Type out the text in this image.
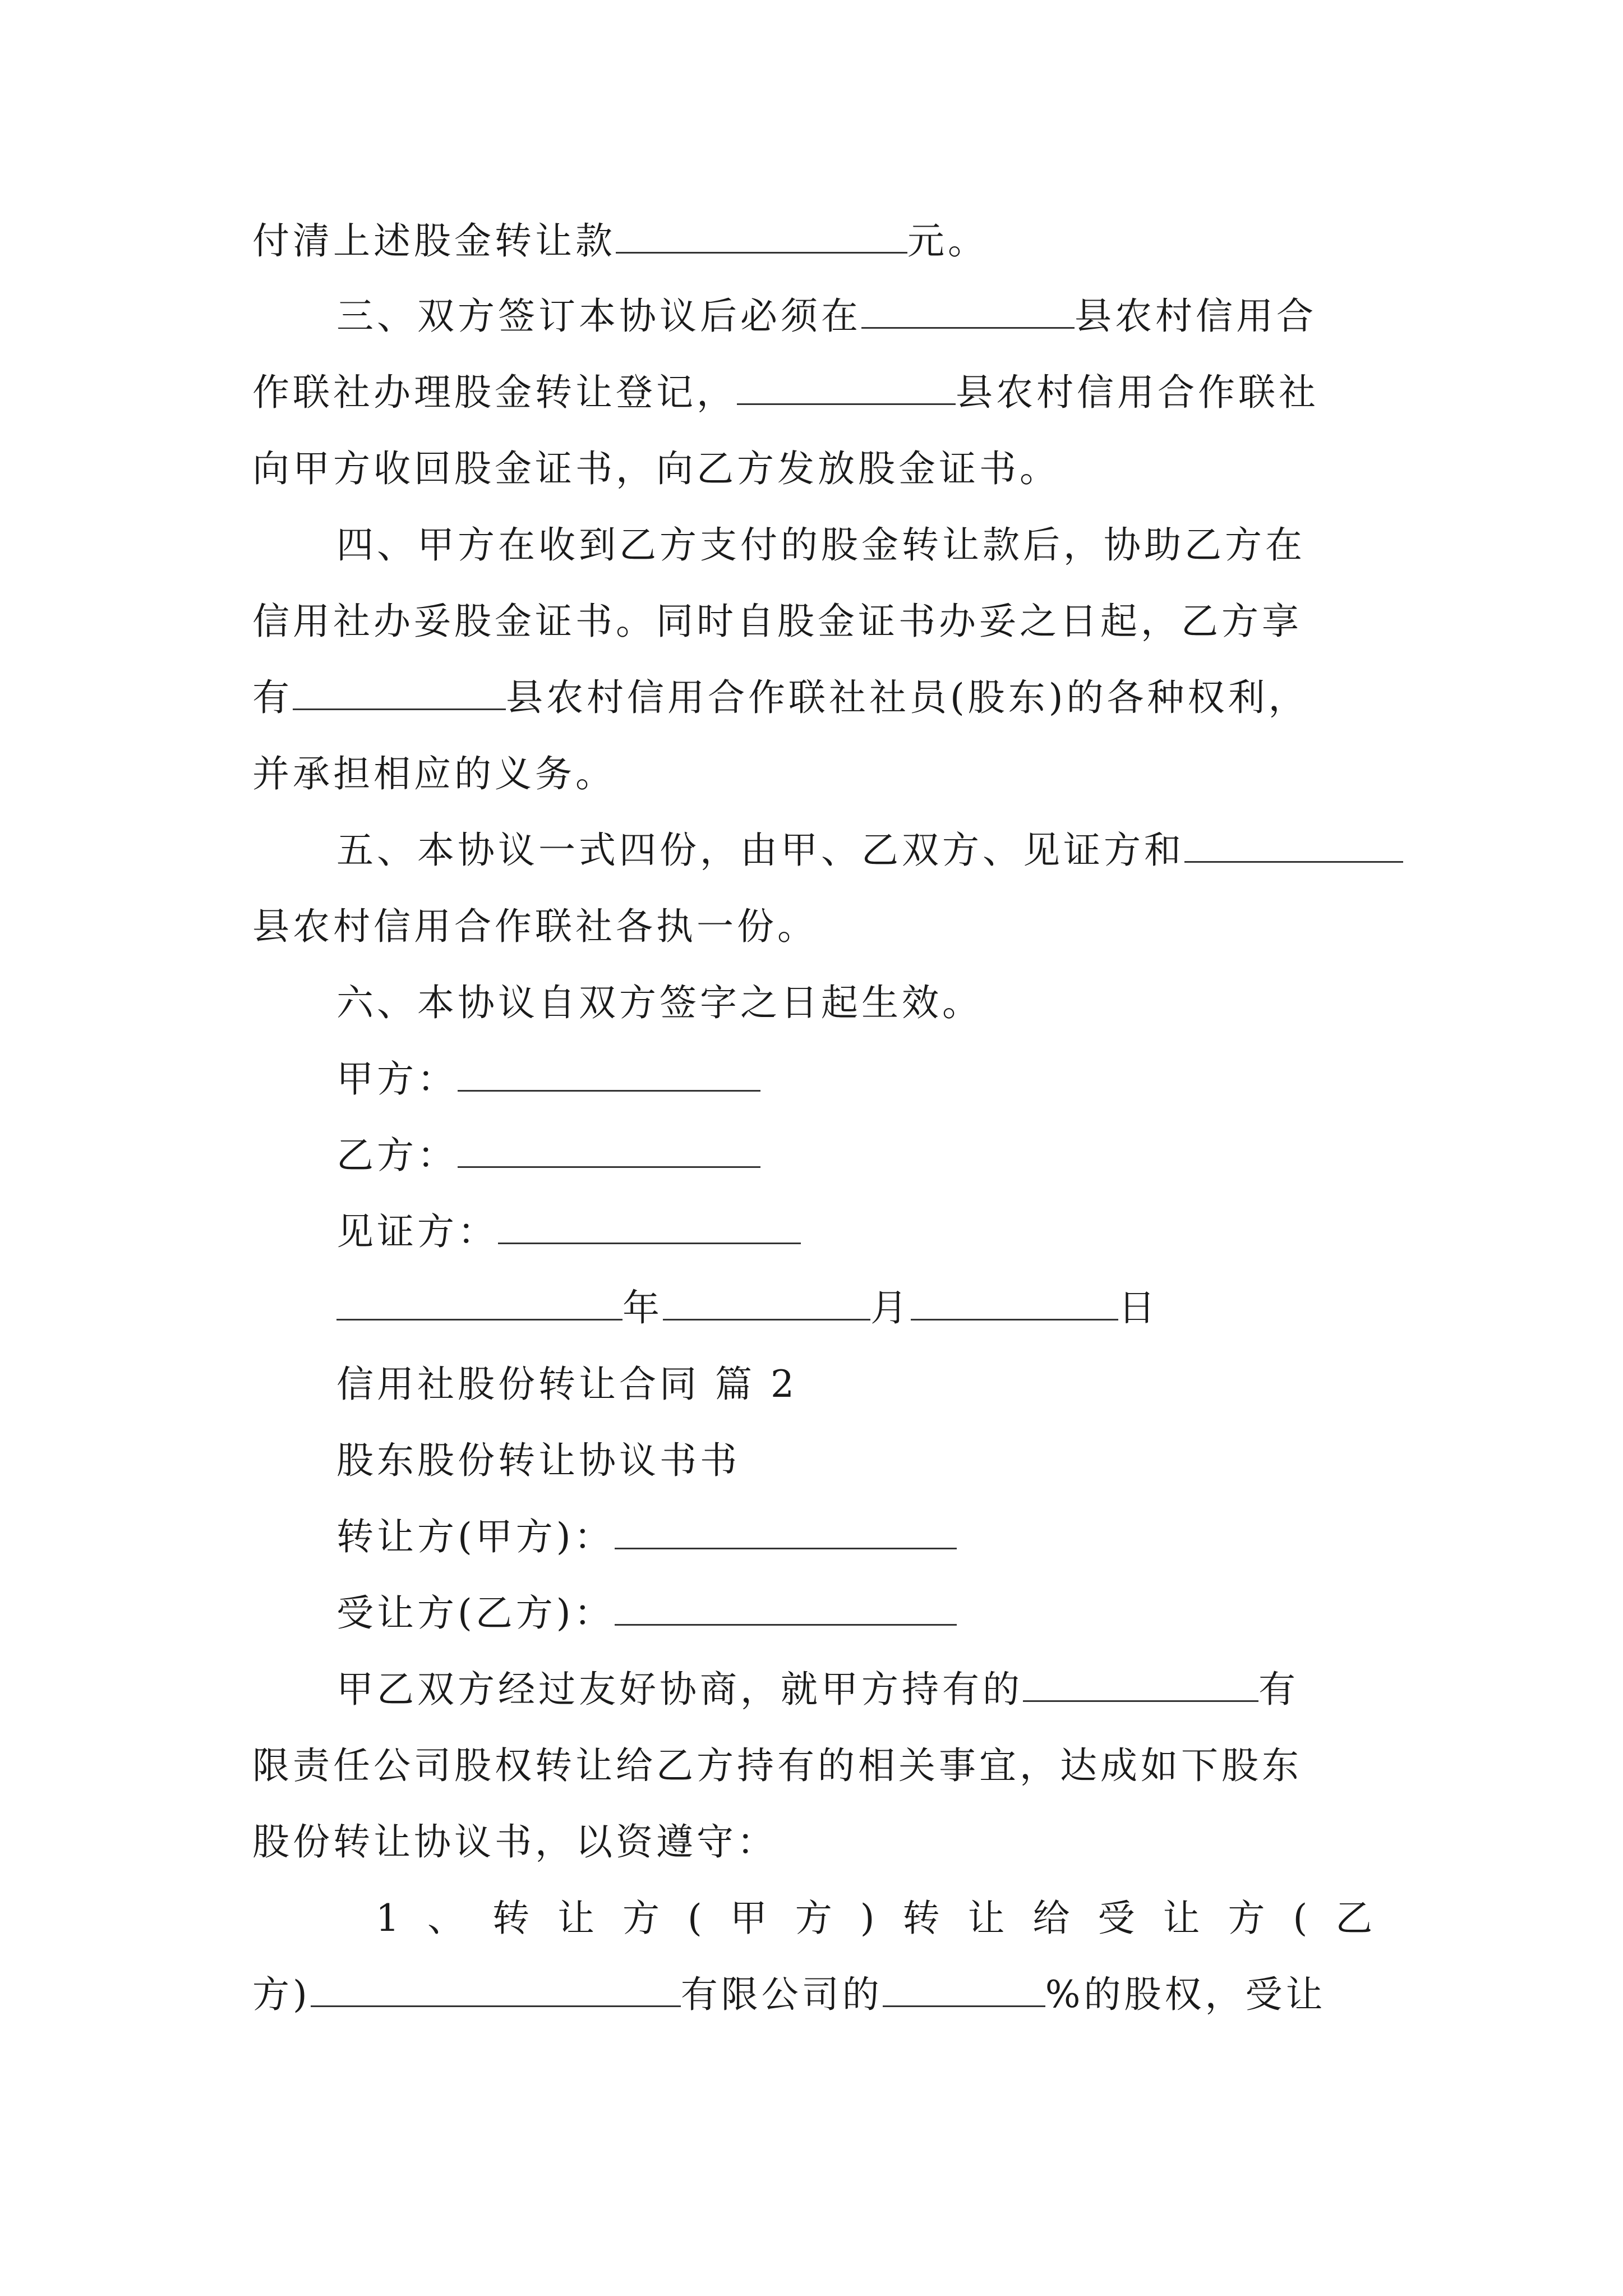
付清上述股金转让款	元。
三、双方签订本协议后必须在	县农村信用合
作联社办理股金转让登记，	县农村信用合作联社
向甲方收回股金证书，向乙方发放股金证书。
四、甲方在收到乙方支付的股金转让款后，协助乙方在
信用社办妥股金证书。同时自股金证书办妥之日起，乙方享
有	县农村信用合作联社社员(股东)的各种权利，
并承担相应的义务。
五、本协议一式四份，由甲、乙双方、见证方和
县农村信用合作联社各执一份。
六、本协议自双方签字之日起生效。
甲方：
乙方：
见证方：
年	月	日
信用社股份转让合同 篇 2
股东股份转让协议书书
转让方(甲方)：
受让方(乙方)：
甲乙双方经过友好协商，就甲方持有的	有
限责任公司股权转让给乙方持有的相关事宜，达成如下股东
股份转让协议书，以资遵守：
1、转让方(甲方)转让给受让方(乙
方)	有限公司的	%的股权，受让
